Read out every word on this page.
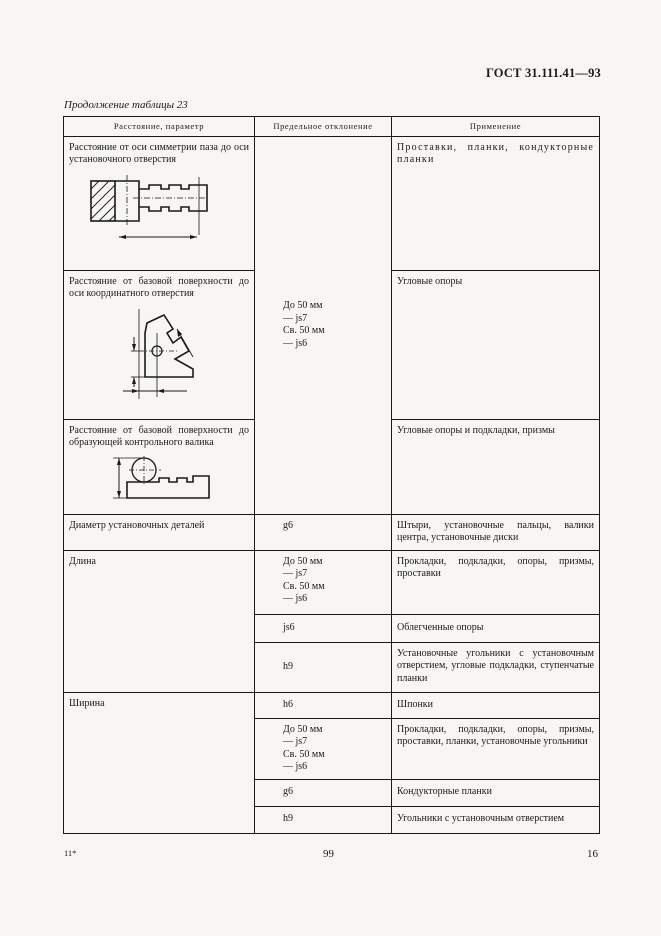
ГОСТ 31.111.41—93
Продолжение таблицы 23
Расстояние, параметр	Предельное отклонение	Применение

Расстояние от оси симметрии паза до оси установочного отверстия	До 50 мм
— js7
Св. 50 мм
— js6	Проставки, планки, кондукторные планки

Расстояние от базовой поверхности до оси координатного отверстия		Угловые опоры

Расстояние от базовой поверхности до образующей контрольного валика		Угловые опоры и подкладки, призмы
Диаметр установочных деталей	g6	Штыри, установочные пальцы, валики центра, установочные диски
Длина	До 50 мм
— js7
Св. 50 мм
— js6	Прокладки, подкладки, опоры, призмы, проставки
	js6	Облегченные опоры
	h9	Установочные угольники с установочным отверстием, угловые подкладки, ступенчатые планки
Ширина	h6	Шпонки

	До 50 мм
— js7
Св. 50 мм
— js6	Прокладки, подкладки, опоры, призмы, проставки, планки, установочные угольники
	g6	Кондукторные планки
	h9	Угольники с установочным отверстием
11*	99	16
